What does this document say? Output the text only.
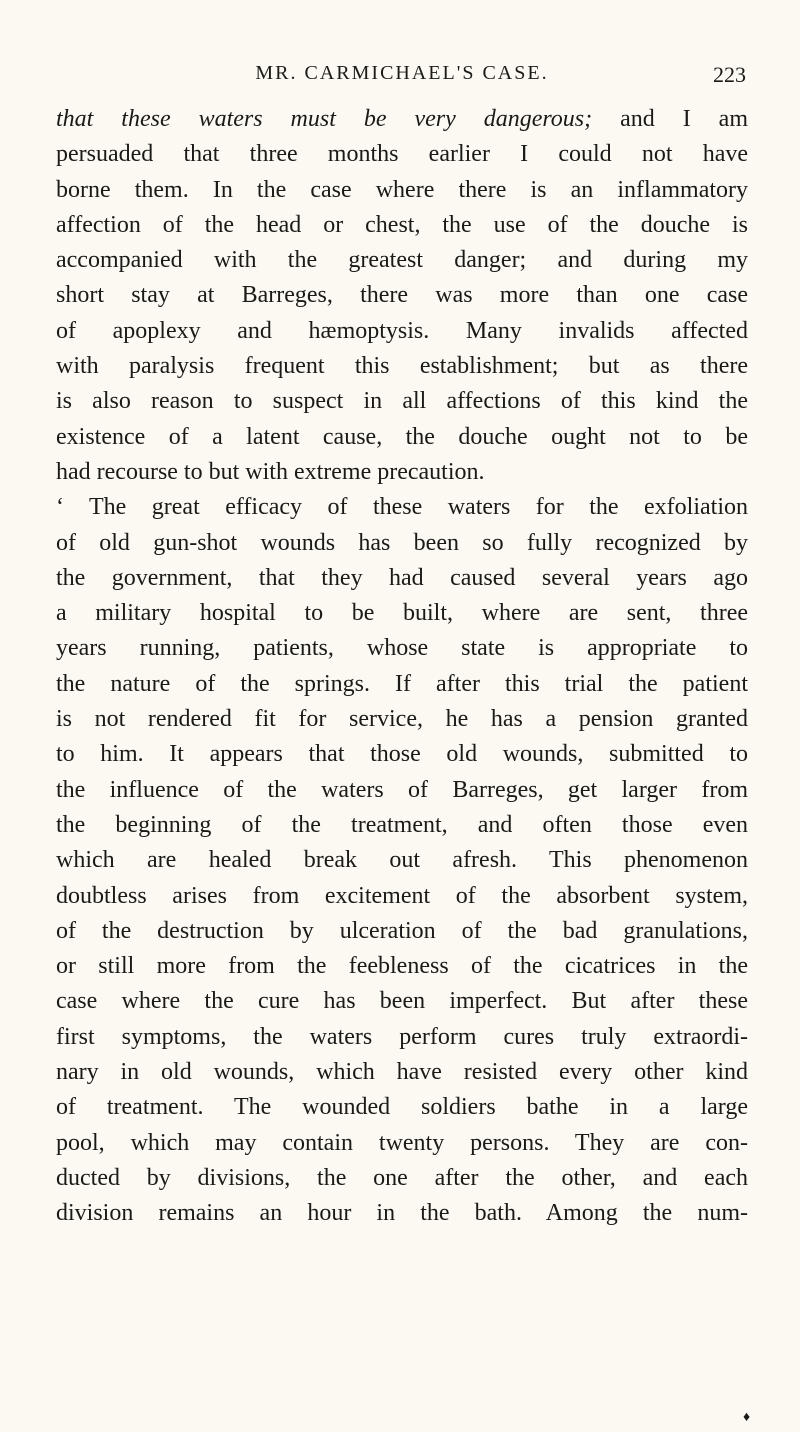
MR. CARMICHAEL'S CASE.	223
that these waters must be very dangerous; and I am
persuaded that three months earlier I could not have
borne them. In the case where there is an inflammatory
affection of the head or chest, the use of the douche is
accompanied with the greatest danger; and during my
short stay at Barreges, there was more than one case
of apoplexy and hæmoptysis. Many invalids affected
with paralysis frequent this establishment; but as there
is also reason to suspect in all affections of this kind the
existence of a latent cause, the douche ought not to be
had recourse to but with extreme precaution.
‘ The great efficacy of these waters for the exfoliation
of old gun-shot wounds has been so fully recognized by
the government, that they had caused several years ago
a military hospital to be built, where are sent, three
years running, patients, whose state is appropriate to
the nature of the springs. If after this trial the patient
is not rendered fit for service, he has a pension granted
to him. It appears that those old wounds, submitted to
the influence of the waters of Barreges, get larger from
the beginning of the treatment, and often those even
which are healed break out afresh. This phenomenon
doubtless arises from excitement of the absorbent system,
of the destruction by ulceration of the bad granulations,
or still more from the feebleness of the cicatrices in the
case where the cure has been imperfect. But after these
first symptoms, the waters perform cures truly extraordi-
nary in old wounds, which have resisted every other kind
of treatment. The wounded soldiers bathe in a large
pool, which may contain twenty persons. They are con-
ducted by divisions, the one after the other, and each
division remains an hour in the bath. Among the num-
♦
